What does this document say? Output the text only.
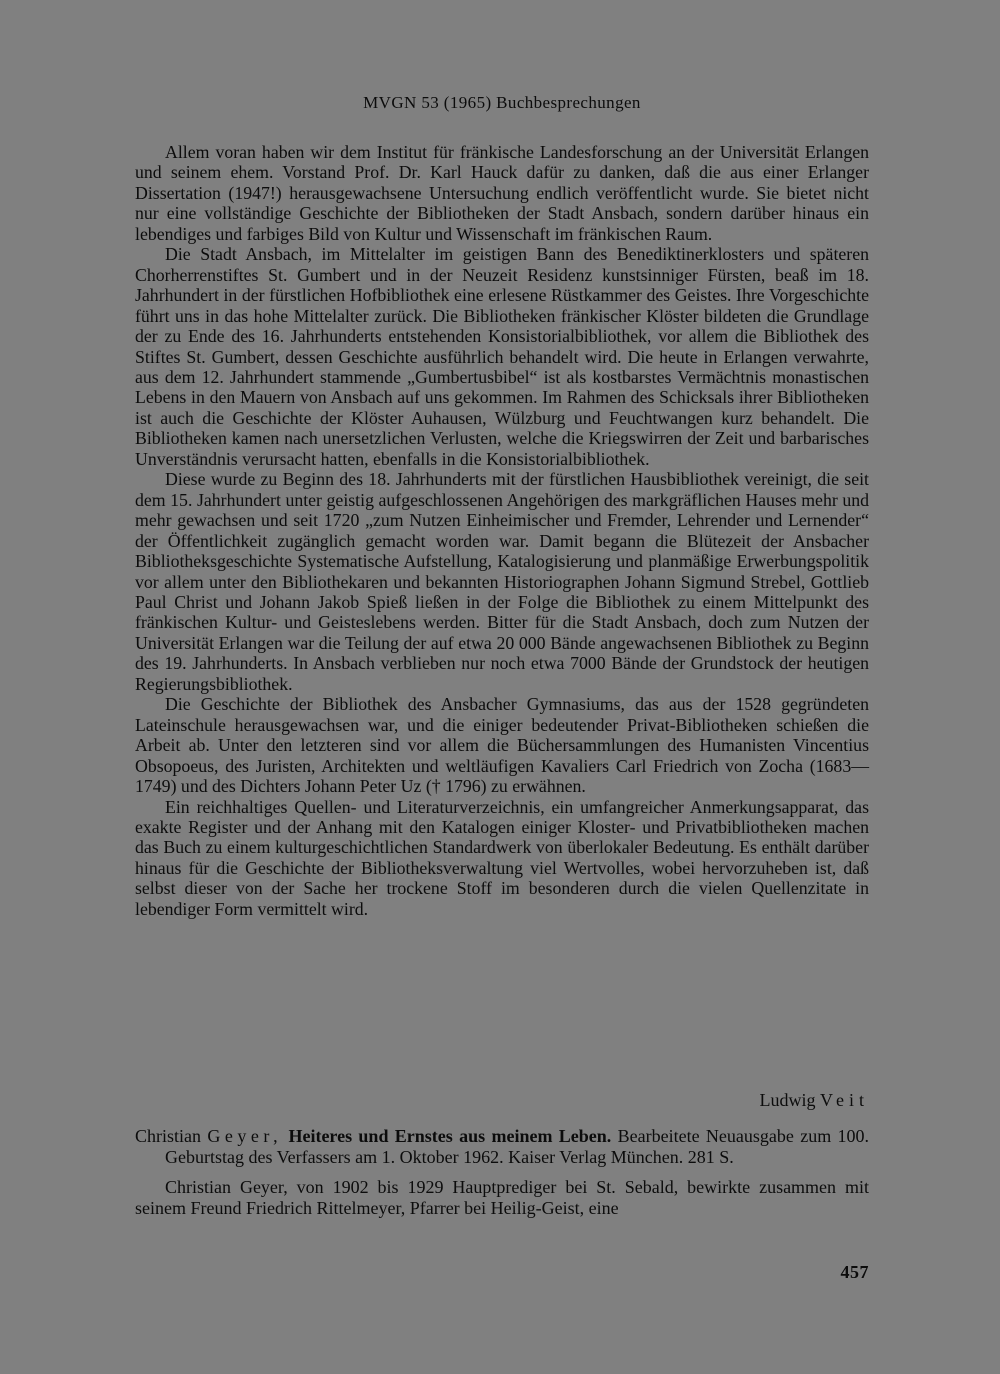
MVGN 53 (1965) Buchbesprechungen

Allem voran haben wir dem Institut für fränkische Landesforschung an der Universität Erlangen und seinem ehem. Vorstand Prof. Dr. Karl Hauck dafür zu danken, daß die aus einer Erlanger Dissertation (1947!) herausgewachsene Untersuchung endlich veröffentlicht wurde. Sie bietet nicht nur eine vollständige Geschichte der Bibliotheken der Stadt Ansbach, sondern darüber hinaus ein lebendiges und farbiges Bild von Kultur und Wissenschaft im fränkischen Raum.

Die Stadt Ansbach, im Mittelalter im geistigen Bann des Benediktinerklosters und späteren Chorherrenstiftes St. Gumbert und in der Neuzeit Residenz kunstsinniger Fürsten, beaß im 18. Jahrhundert in der fürstlichen Hofbibliothek eine erlesene Rüstkammer des Geistes. Ihre Vorgeschichte führt uns in das hohe Mittelalter zurück. Die Bibliotheken fränkischer Klöster bildeten die Grundlage der zu Ende des 16. Jahrhunderts entstehenden Konsistorialbibliothek, vor allem die Bibliothek des Stiftes St. Gumbert, dessen Geschichte ausführlich behandelt wird. Die heute in Erlangen verwahrte, aus dem 12. Jahrhundert stammende „Gumbertusbibel“ ist als kostbarstes Vermächtnis monastischen Lebens in den Mauern von Ansbach auf uns gekommen. Im Rahmen des Schicksals ihrer Bibliotheken ist auch die Geschichte der Klöster Auhausen, Wülzburg und Feuchtwangen kurz behandelt. Die Bibliotheken kamen nach unersetzlichen Verlusten, welche die Kriegswirren der Zeit und barbarisches Unverständnis verursacht hatten, ebenfalls in die Konsistorialbibliothek.

Diese wurde zu Beginn des 18. Jahrhunderts mit der fürstlichen Hausbibliothek vereinigt, die seit dem 15. Jahrhundert unter geistig aufgeschlossenen Angehörigen des markgräflichen Hauses mehr und mehr gewachsen und seit 1720 „zum Nutzen Einheimischer und Fremder, Lehrender und Lernender“ der Öffentlichkeit zugänglich gemacht worden war. Damit begann die Blütezeit der Ansbacher Bibliotheksgeschichte Systematische Aufstellung, Katalogisierung und planmäßige Erwerbungspolitik vor allem unter den Bibliothekaren und bekannten Historiographen Johann Sigmund Strebel, Gottlieb Paul Christ und Johann Jakob Spieß ließen in der Folge die Bibliothek zu einem Mittelpunkt des fränkischen Kultur- und Geisteslebens werden. Bitter für die Stadt Ansbach, doch zum Nutzen der Universität Erlangen war die Teilung der auf etwa 20 000 Bände angewachsenen Bibliothek zu Beginn des 19. Jahrhunderts. In Ansbach verblieben nur noch etwa 7000 Bände der Grundstock der heutigen Regierungsbibliothek.

Die Geschichte der Bibliothek des Ansbacher Gymnasiums, das aus der 1528 gegründeten Lateinschule herausgewachsen war, und die einiger bedeutender Privat-Bibliotheken schießen die Arbeit ab. Unter den letzteren sind vor allem die Büchersammlungen des Humanisten Vincentius Obsopoeus, des Juristen, Architekten und weltläufigen Kavaliers Carl Friedrich von Zocha (1683—1749) und des Dichters Johann Peter Uz († 1796) zu erwähnen.

Ein reichhaltiges Quellen- und Literaturverzeichnis, ein umfangreicher Anmerkungsapparat, das exakte Register und der Anhang mit den Katalogen einiger Kloster- und Privatbibliotheken machen das Buch zu einem kulturgeschichtlichen Standardwerk von überlokaler Bedeutung. Es enthält darüber hinaus für die Geschichte der Bibliotheksverwaltung viel Wertvolles, wobei hervorzuheben ist, daß selbst dieser von der Sache her trockene Stoff im besonderen durch die vielen Quellenzitate in lebendiger Form vermittelt wird.

Ludwig Veit

Christian Geyer, Heiteres und Ernstes aus meinem Leben. Bearbeitete Neuausgabe zum 100. Geburtstag des Verfassers am 1. Oktober 1962. Kaiser Verlag München. 281 S.

Christian Geyer, von 1902 bis 1929 Hauptprediger bei St. Sebald, bewirkte zusammen mit seinem Freund Friedrich Rittelmeyer, Pfarrer bei Heilig-Geist, eine

457
